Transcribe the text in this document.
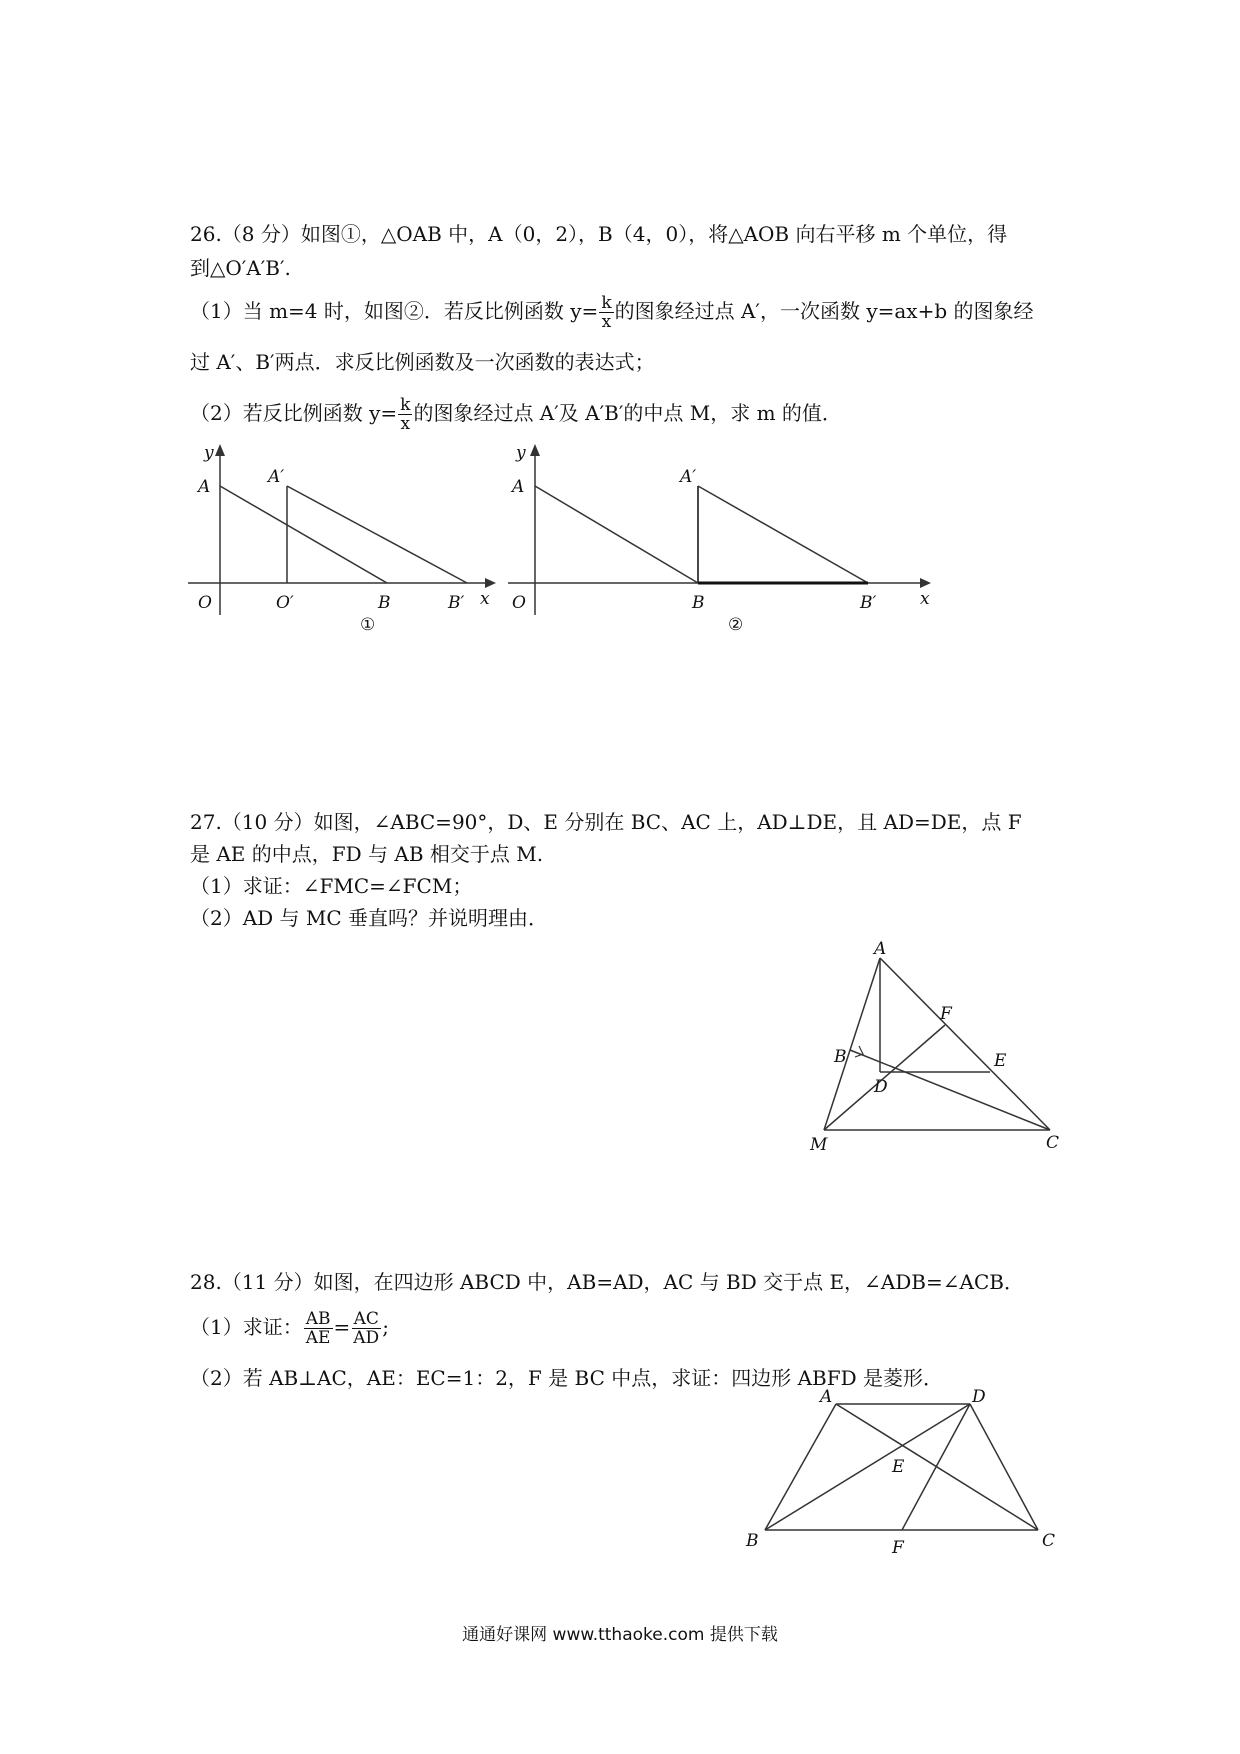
26.（8 分）如图①，△OAB 中，A（0，2），B（4，0），将△AOB 向右平移 m 个单位，得
到△O′A′B′.
（1）当 m=4 时，如图②．若反比例函数 $y= \frac{k}{x}$ 的图象经过点 A′，一次函数 y=ax+b 的图象经
过 A′、B′两点．求反比例函数及一次函数的表达式；
（2）若反比例函数 $y= \frac{k}{x}$ 的图象经过点 A′及 A′B′的中点 M，求 m 的值．
y
A	A′
O	O′	B	B′ x
①
y
A	A′
O	B	B′	x
②
27.（10 分）如图，∠ABC=90°，D、E 分别在 BC、AC 上，AD⊥DE，且 AD=DE，点 F
是 AE 的中点，FD 与 AB 相交于点 M.
（1）求证：∠FMC=∠FCM；
（2）AD 与 MC 垂直吗？并说明理由．
A
F
B	E
D
M	C
28.（11 分）如图，在四边形 ABCD 中，AB=AD，AC 与 BD 交于点 E，∠ADB=∠ACB．
（1）求证： $\frac{AB}{AE} = \frac{AC}{AD}$ ;
（2）若 AB⊥AC，AE：EC=1：2，F 是 BC 中点，求证：四边形 ABFD 是菱形．
A	D
E
B	F	C
通通好课网 www.tthaoke.com 提供下载
